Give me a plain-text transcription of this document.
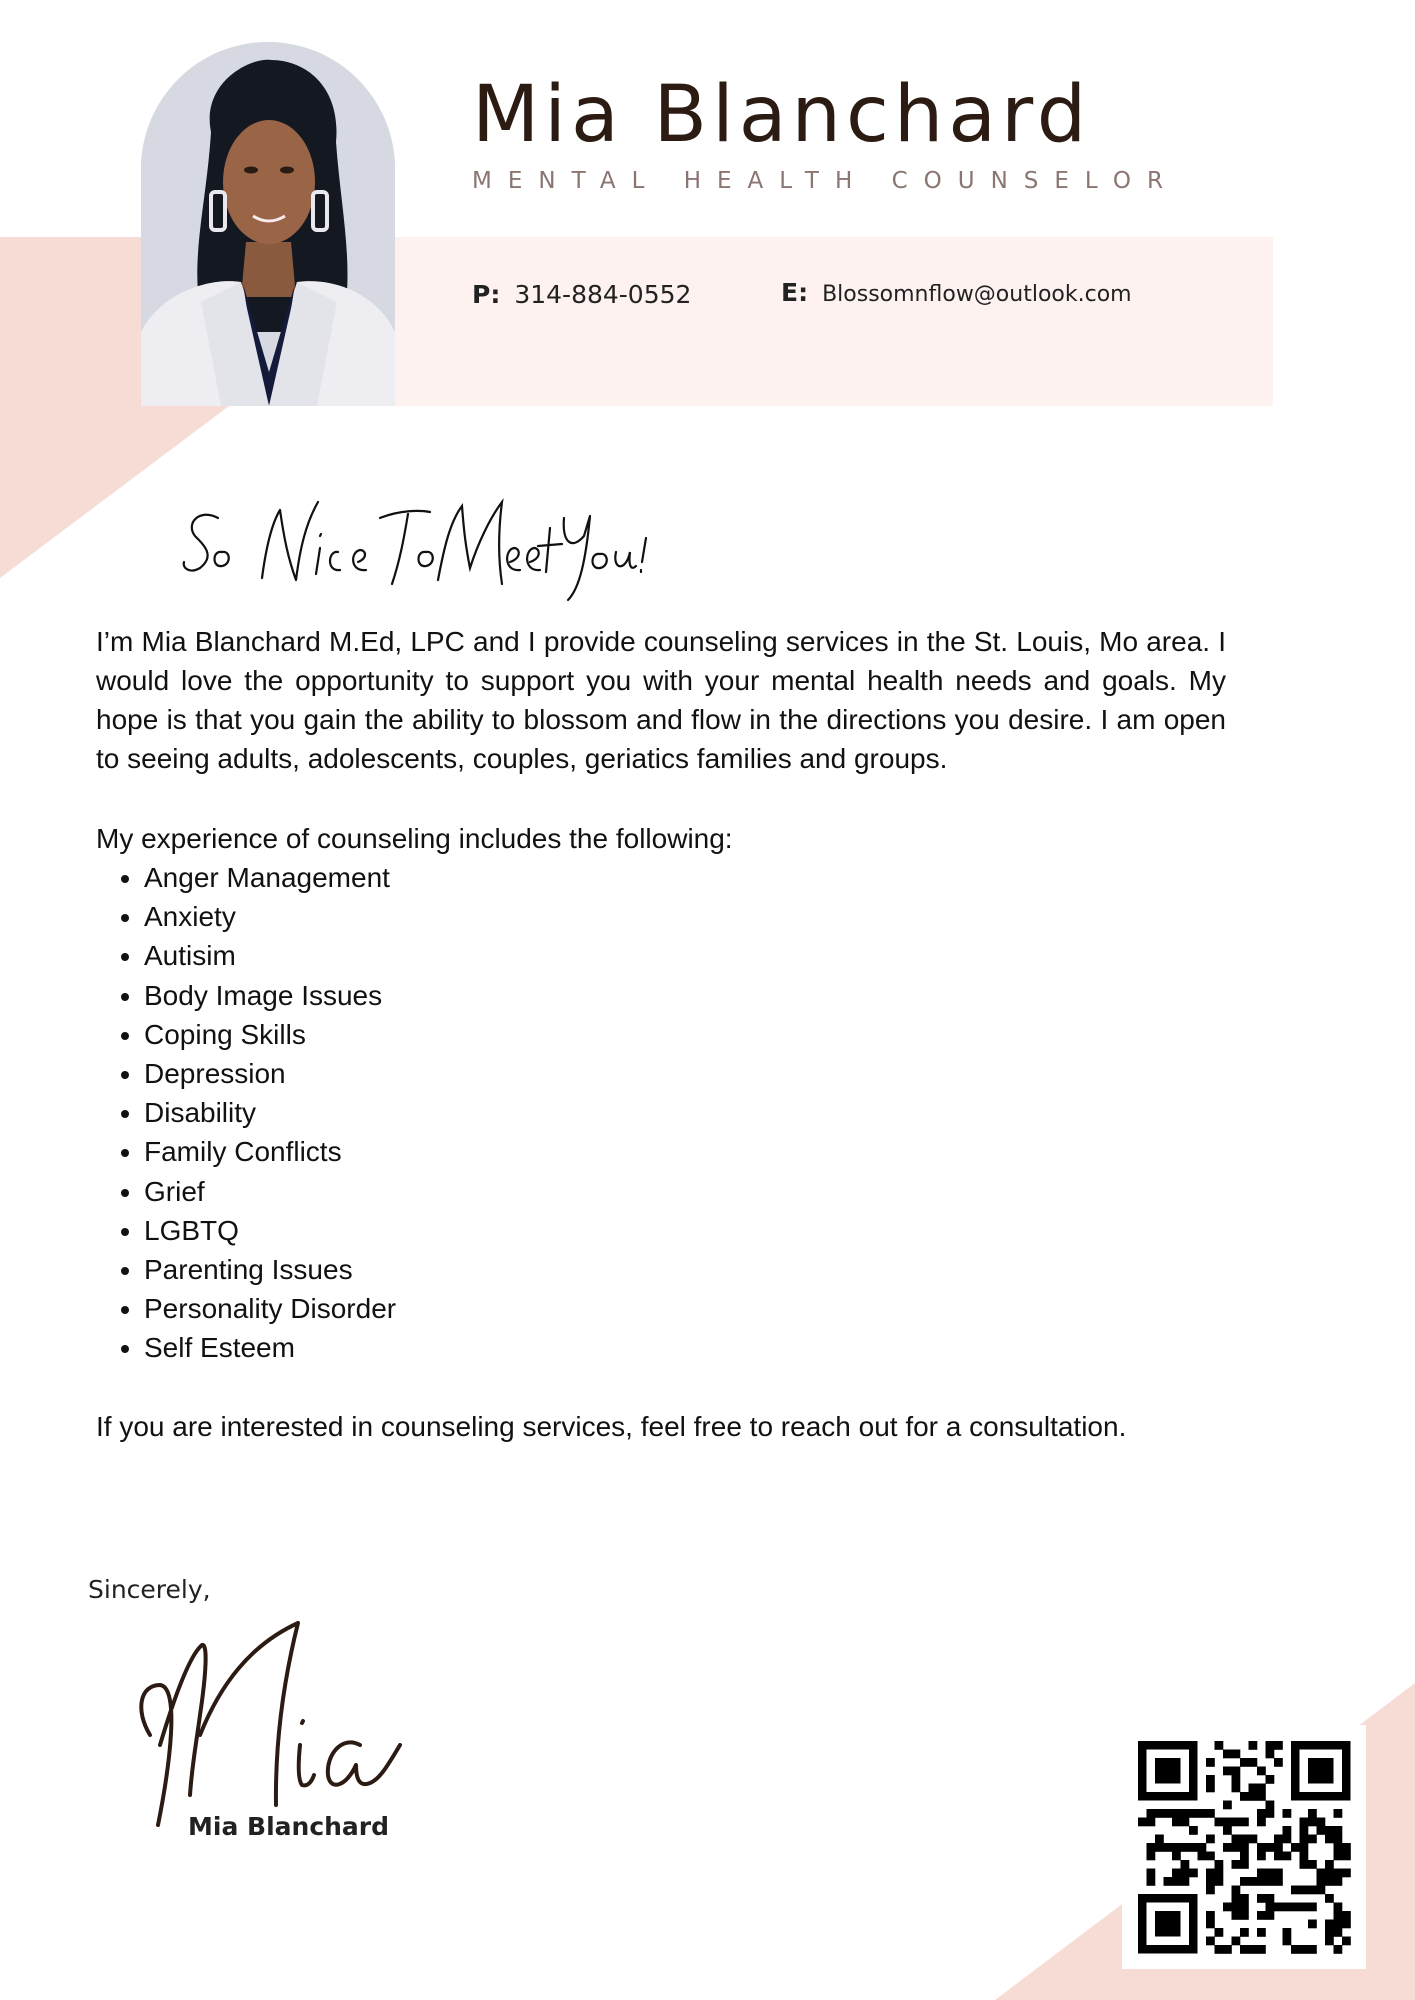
Mia Blanchard
MENTAL HEALTH COUNSELOR
P: 314-884-0552	E: Blossomnflow@outlook.com
I’m Mia Blanchard M.Ed, LPC and I provide counseling services in the St. Louis, Mo area. I would love the opportunity to support you with your mental health needs and goals. My hope is that you gain the ability to blossom and flow in the directions you desire. I am open to seeing adults, adolescents, couples, geriatics families and groups.
My experience of counseling includes the following:
• Anger Management
• Anxiety
• Autisim
• Body Image Issues
• Coping Skills
• Depression
• Disability
• Family Conflicts
• Grief
• LGBTQ
• Parenting Issues
• Personality Disorder
• Self Esteem
If you are interested in counseling services, feel free to reach out for a consultation.
Sincerely,
Mia Blanchard
